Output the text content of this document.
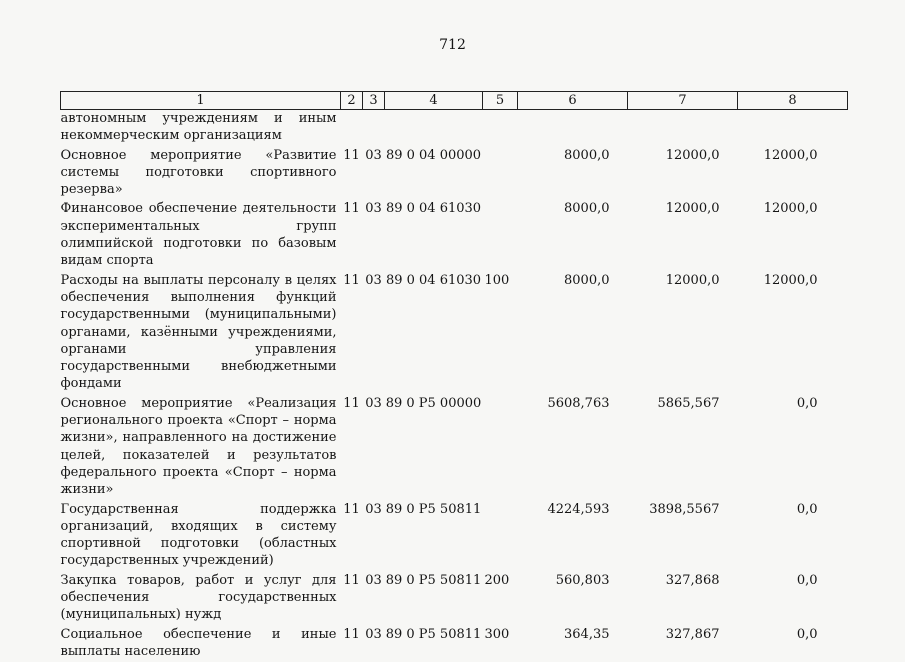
712
1	2	3	4	5	6	7	8
автономным учреждениям и иным некоммерческим организациям							
Основное мероприятие «Развитие системы подготовки спортивного резерва»	11	03	89 0 04 00000		8000,0	12000,0	12000,0
Финансовое обеспечение деятельности экспериментальных групп олимпийской подготовки по базовым видам спорта	11	03	89 0 04 61030		8000,0	12000,0	12000,0
Расходы на выплаты персоналу в целях обеспечения выполнения функций государственными (муниципальными) органами, казёнными учреждениями, органами управления государственными внебюджетными фондами	11	03	89 0 04 61030	100	8000,0	12000,0	12000,0
Основное мероприятие «Реализация регионального проекта «Спорт – норма жизни», направленного на достижение целей, показателей и результатов федерального проекта «Спорт – норма жизни»	11	03	89 0 P5 00000		5608,763	5865,567	0,0
Государственная поддержка организаций, входящих в систему спортивной подготовки (областных государственных учреждений)	11	03	89 0 P5 50811		4224,593	3898,5567	0,0
Закупка товаров, работ и услуг для обеспечения государственных (муниципальных) нужд	11	03	89 0 P5 50811	200	560,803	327,868	0,0
Социальное обеспечение и иные выплаты населению	11	03	89 0 P5 50811	300	364,35	327,867	0,0
